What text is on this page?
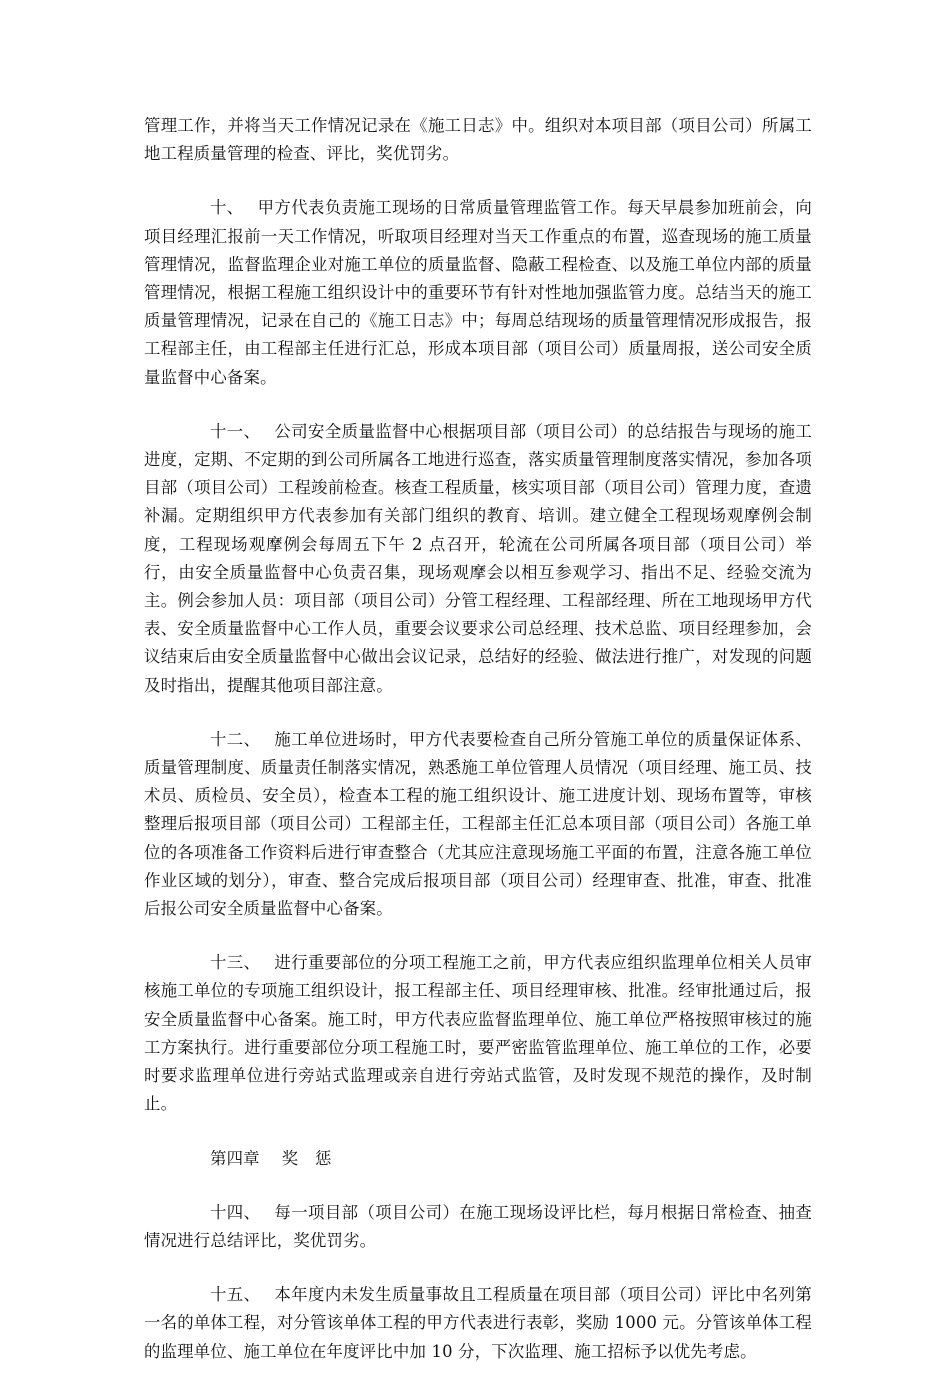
管理工作，并将当天工作情况记录在《施工日志》中。组织对本项目部（项目公司）所属工地工程质量管理的检查、评比，奖优罚劣。

十、 甲方代表负责施工现场的日常质量管理监管工作。每天早晨参加班前会，向项目经理汇报前一天工作情况，听取项目经理对当天工作重点的布置，巡查现场的施工质量管理情况，监督监理企业对施工单位的质量监督、隐蔽工程检查、以及施工单位内部的质量管理情况，根据工程施工组织设计中的重要环节有针对性地加强监管力度。总结当天的施工质量管理情况，记录在自己的《施工日志》中；每周总结现场的质量管理情况形成报告，报工程部主任，由工程部主任进行汇总，形成本项目部（项目公司）质量周报，送公司安全质量监督中心备案。

十一、 公司安全质量监督中心根据项目部（项目公司）的总结报告与现场的施工进度，定期、不定期的到公司所属各工地进行巡查，落实质量管理制度落实情况，参加各项目部（项目公司）工程竣前检查。核查工程质量，核实项目部（项目公司）管理力度，查遗补漏。定期组织甲方代表参加有关部门组织的教育、培训。建立健全工程现场观摩例会制度，工程现场观摩例会每周五下午 2 点召开，轮流在公司所属各项目部（项目公司）举行，由安全质量监督中心负责召集，现场观摩会以相互参观学习、指出不足、经验交流为主。例会参加人员：项目部（项目公司）分管工程经理、工程部经理、所在工地现场甲方代表、安全质量监督中心工作人员，重要会议要求公司总经理、技术总监、项目经理参加，会议结束后由安全质量监督中心做出会议记录，总结好的经验、做法进行推广，对发现的问题及时指出，提醒其他项目部注意。

十二、 施工单位进场时，甲方代表要检查自己所分管施工单位的质量保证体系、质量管理制度、质量责任制落实情况，熟悉施工单位管理人员情况（项目经理、施工员、技术员、质检员、安全员），检查本工程的施工组织设计、施工进度计划、现场布置等，审核整理后报项目部（项目公司）工程部主任，工程部主任汇总本项目部（项目公司）各施工单位的各项准备工作资料后进行审查整合（尤其应注意现场施工平面的布置，注意各施工单位作业区域的划分），审查、整合完成后报项目部（项目公司）经理审查、批准，审查、批准后报公司安全质量监督中心备案。

十三、 进行重要部位的分项工程施工之前，甲方代表应组织监理单位相关人员审核施工单位的专项施工组织设计，报工程部主任、项目经理审核、批准。经审批通过后，报安全质量监督中心备案。施工时，甲方代表应监督监理单位、施工单位严格按照审核过的施工方案执行。进行重要部位分项工程施工时，要严密监管监理单位、施工单位的工作，必要时要求监理单位进行旁站式监理或亲自进行旁站式监管，及时发现不规范的操作，及时制止。

第四章 奖　惩

十四、 每一项目部（项目公司）在施工现场设评比栏，每月根据日常检查、抽查情况进行总结评比，奖优罚劣。

十五、 本年度内未发生质量事故且工程质量在项目部（项目公司）评比中名列第一名的单体工程，对分管该单体工程的甲方代表进行表彰，奖励 1000 元。分管该单体工程的监理单位、施工单位在年度评比中加 10 分，下次监理、施工招标予以优先考虑。
